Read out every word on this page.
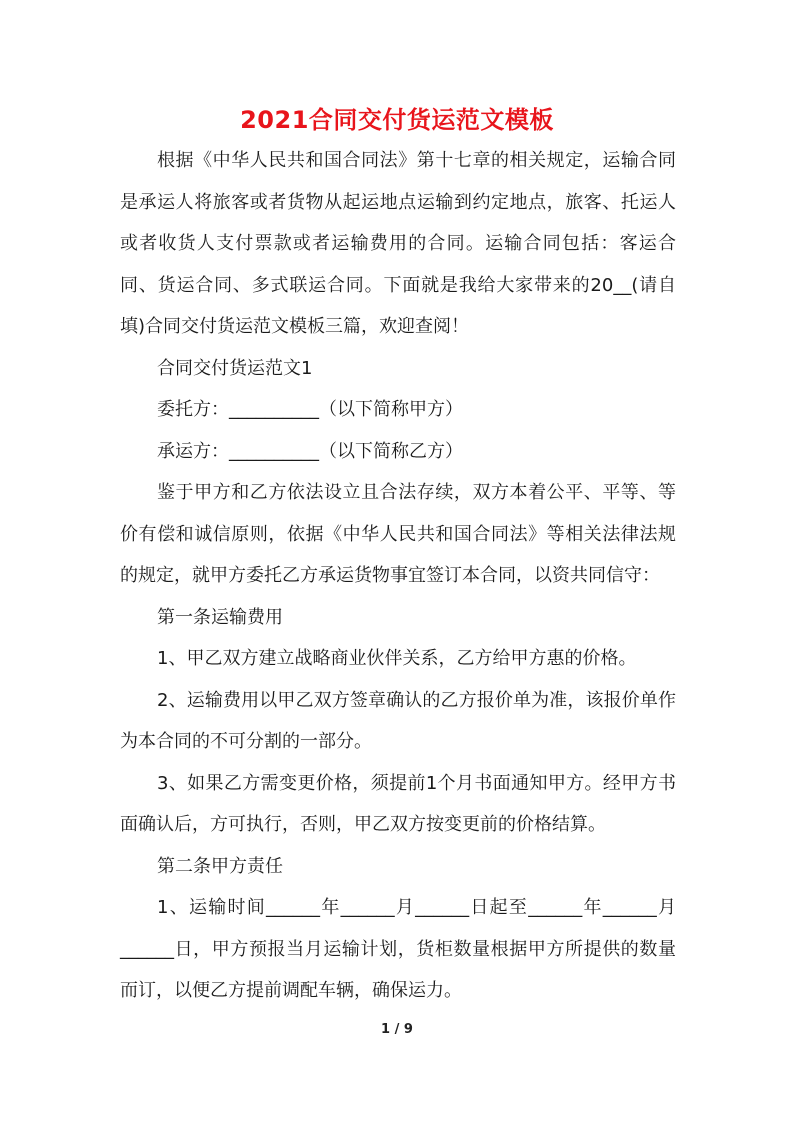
2021合同交付货运范文模板

根据《中华人民共和国合同法》第十七章的相关规定，运输合同是承运人将旅客或者货物从起运地点运输到约定地点，旅客、托运人或者收货人支付票款或者运输费用的合同。运输合同包括：客运合同、货运合同、多式联运合同。下面就是我给大家带来的20__(请自填)合同交付货运范文模板三篇，欢迎查阅！

合同交付货运范文1

委托方：__________（以下简称甲方）

承运方：__________（以下简称乙方）

鉴于甲方和乙方依法设立且合法存续，双方本着公平、平等、等价有偿和诚信原则，依据《中华人民共和国合同法》等相关法律法规的规定，就甲方委托乙方承运货物事宜签订本合同，以资共同信守：

第一条运输费用

1、甲乙双方建立战略商业伙伴关系，乙方给甲方惠的价格。

2、运输费用以甲乙双方签章确认的乙方报价单为准，该报价单作为本合同的不可分割的一部分。

3、如果乙方需变更价格，须提前1个月书面通知甲方。经甲方书面确认后，方可执行，否则，甲乙双方按变更前的价格结算。

第二条甲方责任

1、运输时间______年______月______日起至______年______月______日，甲方预报当月运输计划，货柜数量根据甲方所提供的数量而订，以便乙方提前调配车辆，确保运力。

1 / 9
